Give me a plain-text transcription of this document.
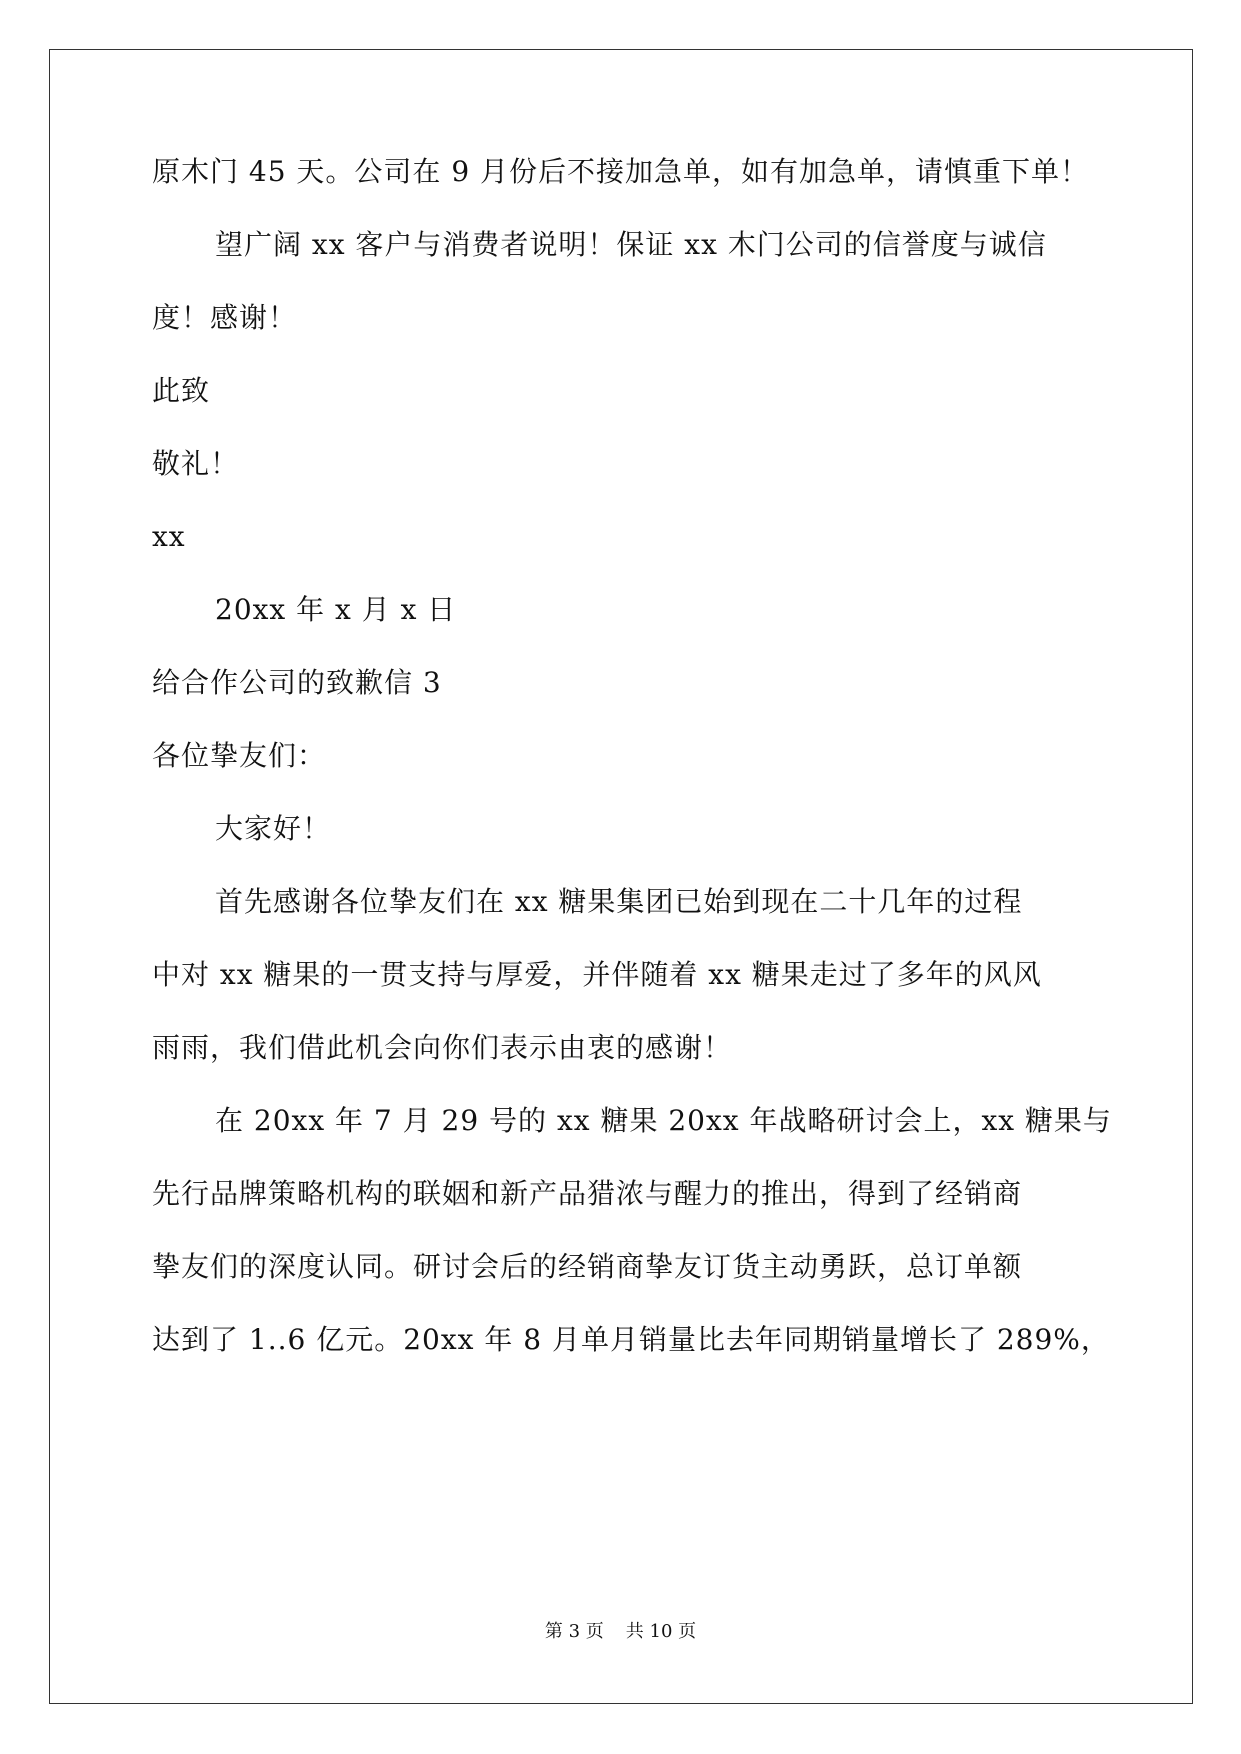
原木门 45 天。公司在 9 月份后不接加急单，如有加急单，请慎重下单！
望广阔 xx 客户与消费者说明！保证 xx 木门公司的信誉度与诚信
度！感谢！
此致
敬礼！
xx
20xx 年 x 月 x 日
给合作公司的致歉信 3
各位挚友们：
大家好！
首先感谢各位挚友们在 xx 糖果集团已始到现在二十几年的过程
中对 xx 糖果的一贯支持与厚爱，并伴随着 xx 糖果走过了多年的风风
雨雨，我们借此机会向你们表示由衷的感谢！
在 20xx 年 7 月 29 号的 xx 糖果 20xx 年战略研讨会上，xx 糖果与
先行品牌策略机构的联姻和新产品猎浓与醒力的推出，得到了经销商
挚友们的深度认同。研讨会后的经销商挚友订货主动勇跃，总订单额
达到了 1..6 亿元。20xx 年 8 月单月销量比去年同期销量增长了 289%，
第 3 页 共 10 页
